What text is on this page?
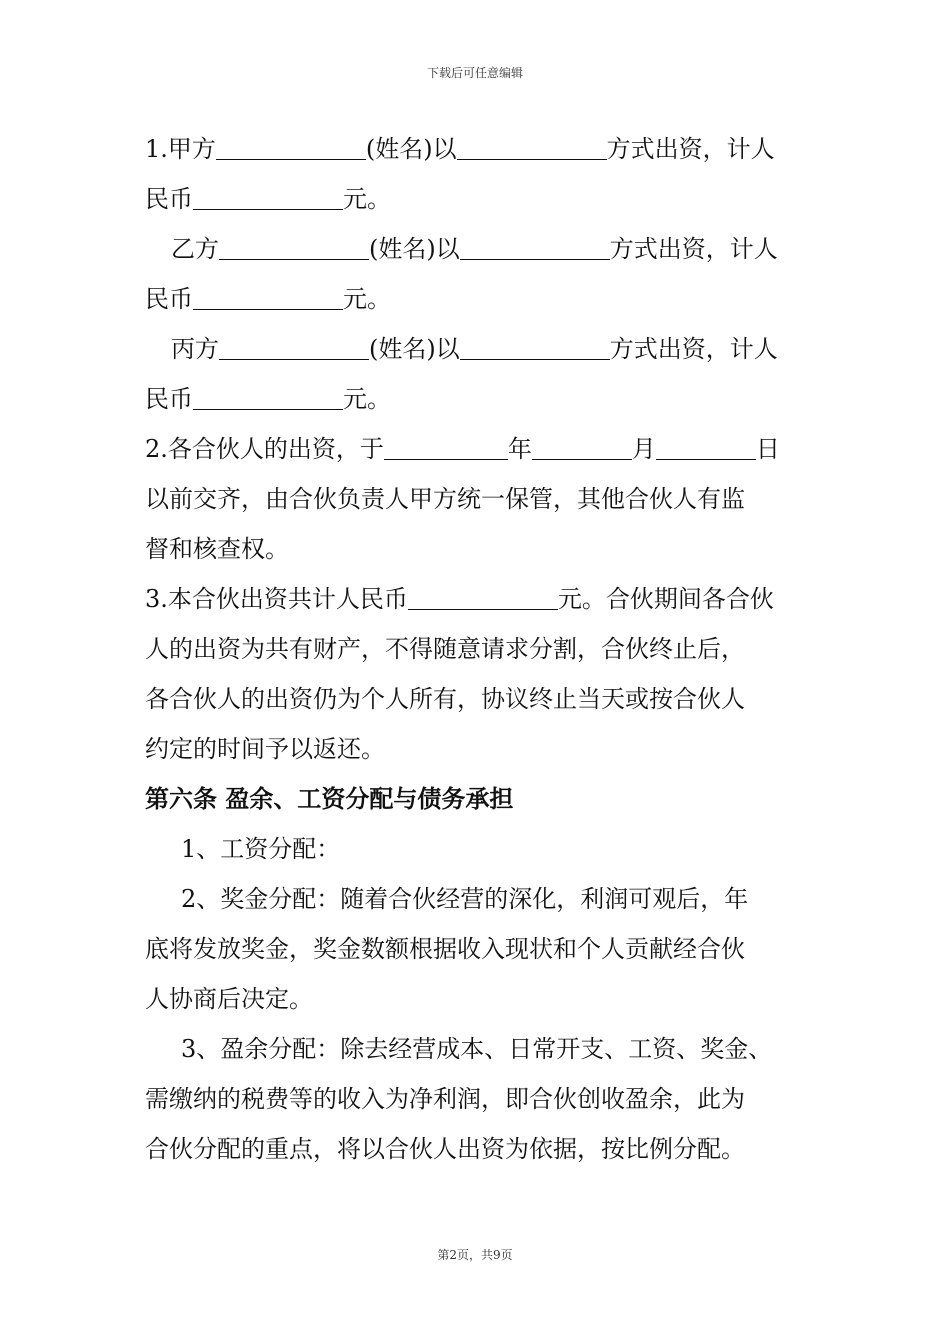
下载后可任意编辑
1.甲方	(姓名)以	方式出资，计人
民币	元。
乙方	(姓名)以	方式出资，计人
民币	元。
丙方	(姓名)以	方式出资，计人
民币	元。
2.各合伙人的出资，于	年	月	日
以前交齐，由合伙负责人甲方统一保管，其他合伙人有监
督和核查权。
3.本合伙出资共计人民币	元。合伙期间各合伙
人的出资为共有财产，不得随意请求分割，合伙终止后，
各合伙人的出资仍为个人所有，协议终止当天或按合伙人
约定的时间予以返还。
第六条 盈余、工资分配与债务承担
1、工资分配：
2、奖金分配：随着合伙经营的深化，利润可观后，年
底将发放奖金，奖金数额根据收入现状和个人贡献经合伙
人协商后决定。
3、盈余分配：除去经营成本、日常开支、工资、奖金、
需缴纳的税费等的收入为净利润，即合伙创收盈余，此为
合伙分配的重点，将以合伙人出资为依据，按比例分配。
第2页，共9页
